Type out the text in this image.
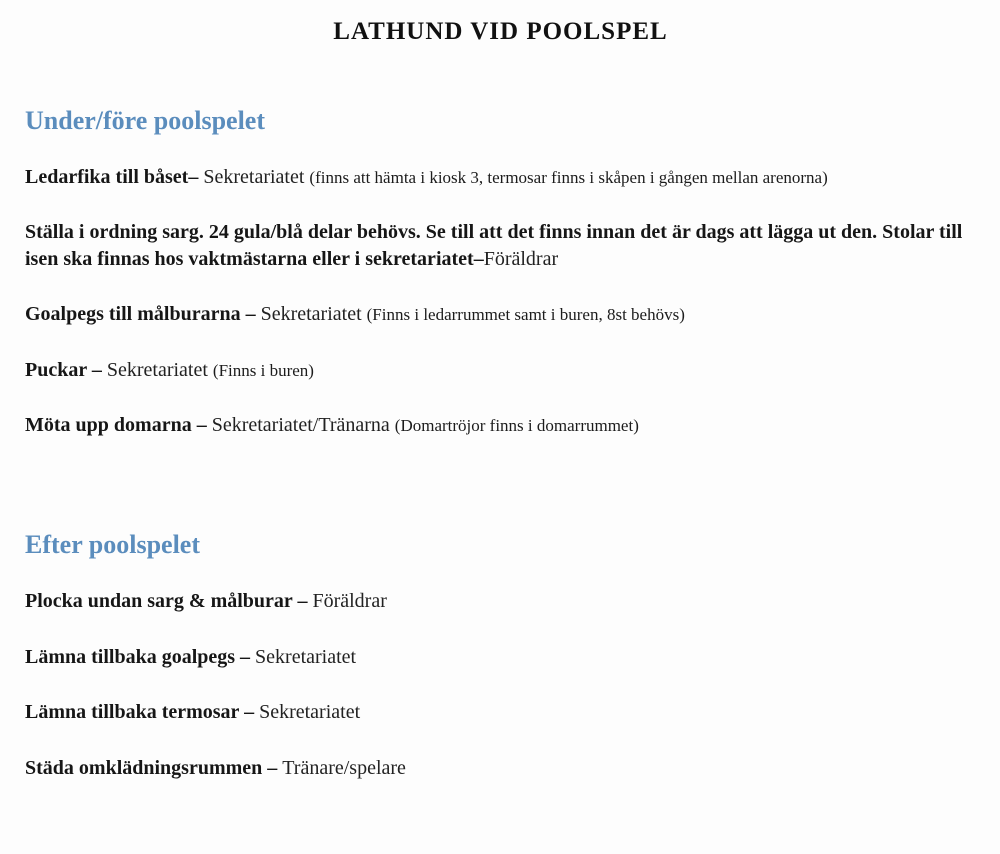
LATHUND VID POOLSPEL
Under/före poolspelet

Ledarfika till båset– Sekretariatet (finns att hämta i kiosk 3, termosar finns i skåpen i gången mellan arenorna)

Ställa i ordning sarg. 24 gula/blå delar behövs. Se till att det finns innan det är dags att lägga ut den. Stolar till isen ska finnas hos vaktmästarna eller i sekretariatet–Föräldrar

Goalpegs till målburarna – Sekretariatet (Finns i ledarrummet samt i buren, 8st behövs)

Puckar – Sekretariatet (Finns i buren)

Möta upp domarna – Sekretariatet/Tränarna (Domartröjor finns i domarrummet)

Efter poolspelet

Plocka undan sarg & målburar – Föräldrar

Lämna tillbaka goalpegs – Sekretariatet

Lämna tillbaka termosar – Sekretariatet

Städa omklädningsrummen – Tränare/spelare
